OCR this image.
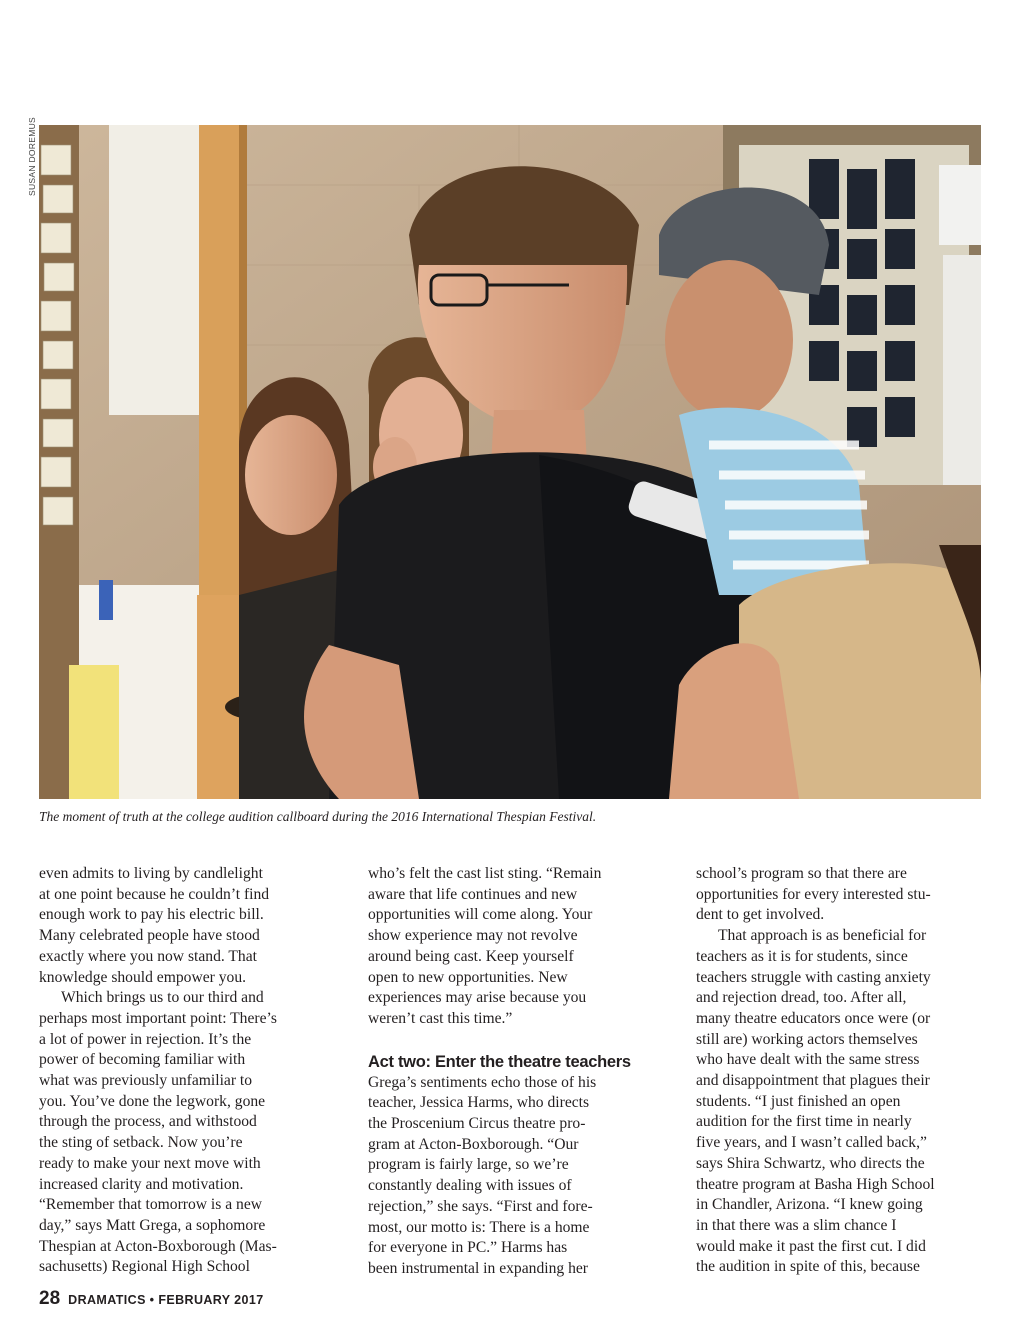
SUSAN DOREMUS
The moment of truth at the college audition callboard during the 2016 International Thespian Festival.

even admits to living by candlelight
at one point because he couldn’t find
enough work to pay his electric bill.
Many celebrated people have stood
exactly where you now stand. That
knowledge should empower you.

Which brings us to our third and
perhaps most important point: There’s
a lot of power in rejection. It’s the
power of becoming familiar with
what was previously unfamiliar to
you. You’ve done the legwork, gone
through the process, and withstood
the sting of setback. Now you’re
ready to make your next move with
increased clarity and motivation.
“Remember that tomorrow is a new
day,” says Matt Grega, a sophomore
Thespian at Acton-Boxborough (Mas-
sachusetts) Regional High School

who’s felt the cast list sting. “Remain
aware that life continues and new
opportunities will come along. Your
show experience may not revolve
around being cast. Keep yourself
open to new opportunities. New
experiences may arise because you
weren’t cast this time.”

Act two: Enter the theatre teachers

Grega’s sentiments echo those of his
teacher, Jessica Harms, who directs
the Proscenium Circus theatre pro-
gram at Acton-Boxborough. “Our
program is fairly large, so we’re
constantly dealing with issues of
rejection,” she says. “First and fore-
most, our motto is: There is a home
for everyone in PC.” Harms has
been instrumental in expanding her

school’s program so that there are
opportunities for every interested stu-
dent to get involved.

That approach is as beneficial for
teachers as it is for students, since
teachers struggle with casting anxiety
and rejection dread, too. After all,
many theatre educators once were (or
still are) working actors themselves
who have dealt with the same stress
and disappointment that plagues their
students. “I just finished an open
audition for the first time in nearly
five years, and I wasn’t called back,”
says Shira Schwartz, who directs the
theatre program at Basha High School
in Chandler, Arizona. “I knew going
in that there was a slim chance I
would make it past the first cut. I did
the audition in spite of this, because

28 DRAMATICS • FEBRUARY 2017
